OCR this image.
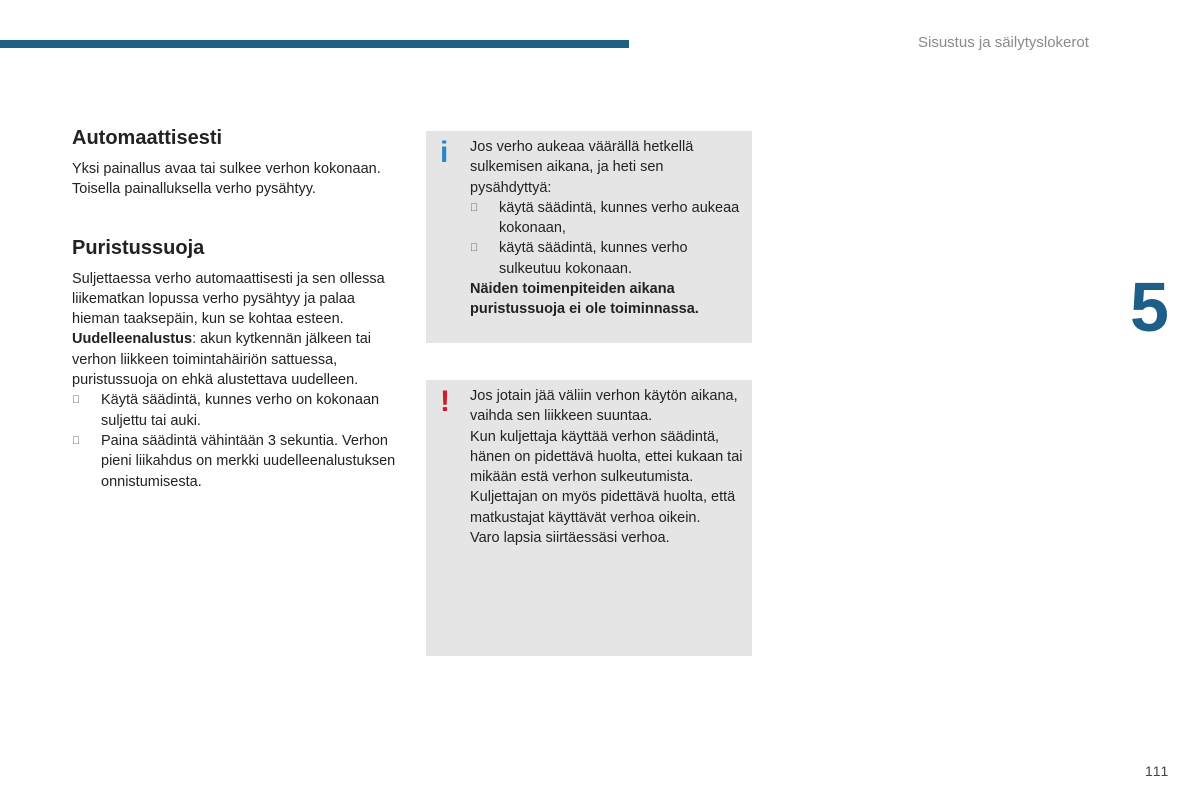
Sisustus ja säilytyslokerot
5
111
Automaattisesti

Yksi painallus avaa tai sulkee verhon kokonaan. Toisella painalluksella verho pysähtyy.

Puristussuoja

Suljettaessa verho automaattisesti ja sen ollessa liikematkan lopussa verho pysähtyy ja palaa hieman taaksepäin, kun se kohtaa esteen.

Uudelleenalustus: akun kytkennän jälkeen tai verhon liikkeen toimintahäiriön sattuessa, puristussuoja on ehkä alustettava uudelleen.

Käytä säädintä, kunnes verho on kokonaan suljettu tai auki.
Paina säädintä vähintään 3 sekuntia. Verhon pieni liikahdus on merkki uudelleenalustuksen onnistumisesta.
i Jos verho aukeaa väärällä hetkellä sulkemisen aikana, ja heti sen pysähdyttyä:

käytä säädintä, kunnes verho aukeaa kokonaan,
käytä säädintä, kunnes verho sulkeutuu kokonaan.

Näiden toimenpiteiden aikana puristussuoja ei ole toiminnassa.

! Jos jotain jää väliin verhon käytön aikana, vaihda sen liikkeen suuntaa.

Kun kuljettaja käyttää verhon säädintä, hänen on pidettävä huolta, ettei kukaan tai mikään estä verhon sulkeutumista.

Kuljettajan on myös pidettävä huolta, että matkustajat käyttävät verhoa oikein.

Varo lapsia siirtäessäsi verhoa.
